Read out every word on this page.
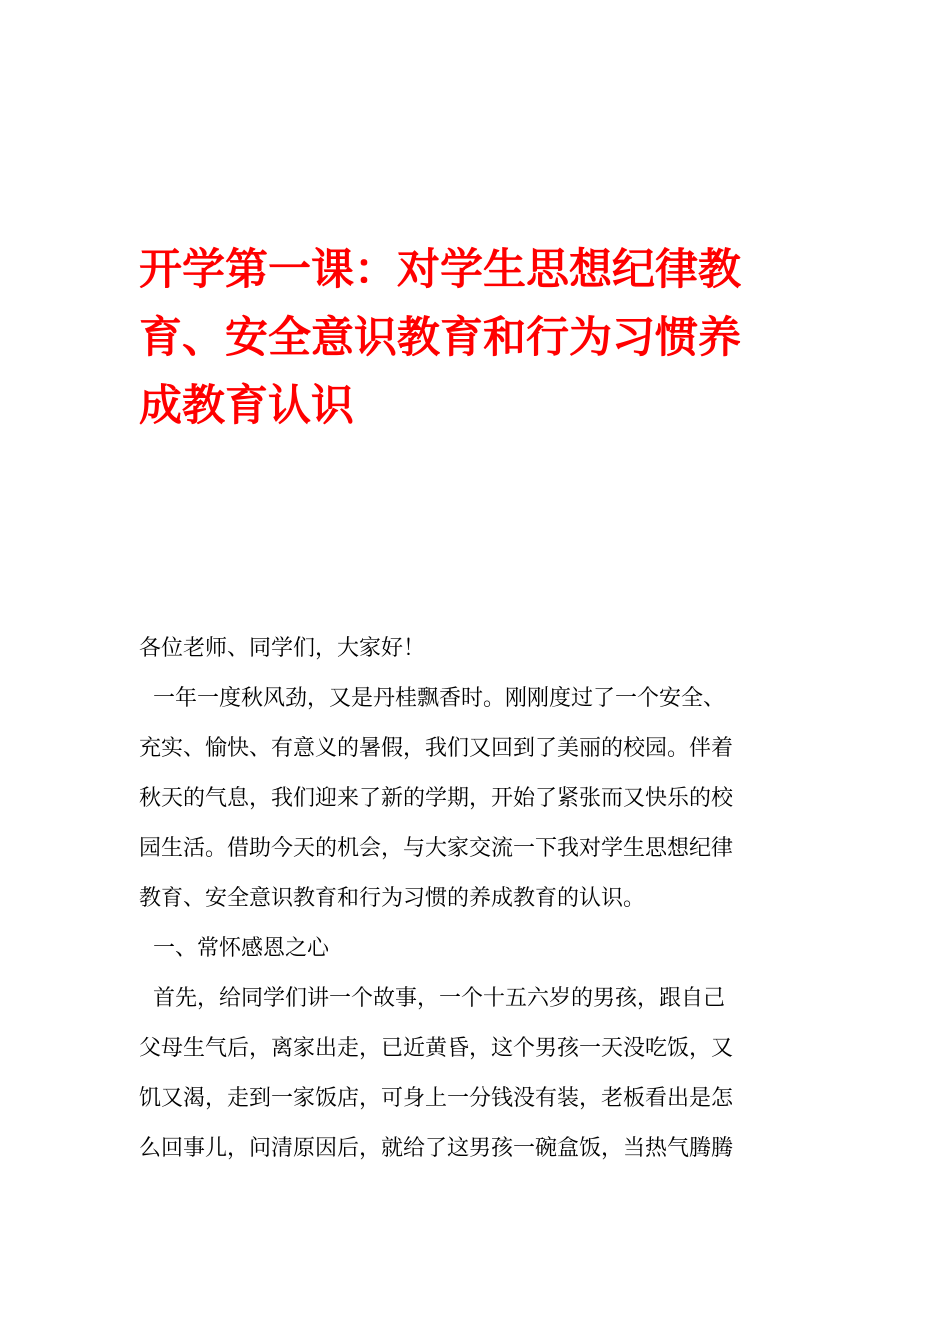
开学第一课：对学生思想纪律教
育、安全意识教育和行为习惯养
成教育认识
各位老师、同学们，大家好！
一年一度秋风劲，又是丹桂飘香时。刚刚度过了一个安全、
充实、愉快、有意义的暑假，我们又回到了美丽的校园。伴着
秋天的气息，我们迎来了新的学期，开始了紧张而又快乐的校
园生活。借助今天的机会，与大家交流一下我对学生思想纪律
教育、安全意识教育和行为习惯的养成教育的认识。
一、常怀感恩之心
首先，给同学们讲一个故事，一个十五六岁的男孩，跟自己
父母生气后，离家出走，已近黄昏，这个男孩一天没吃饭，又
饥又渴，走到一家饭店，可身上一分钱没有装，老板看出是怎
么回事儿，问清原因后，就给了这男孩一碗盒饭，当热气腾腾
